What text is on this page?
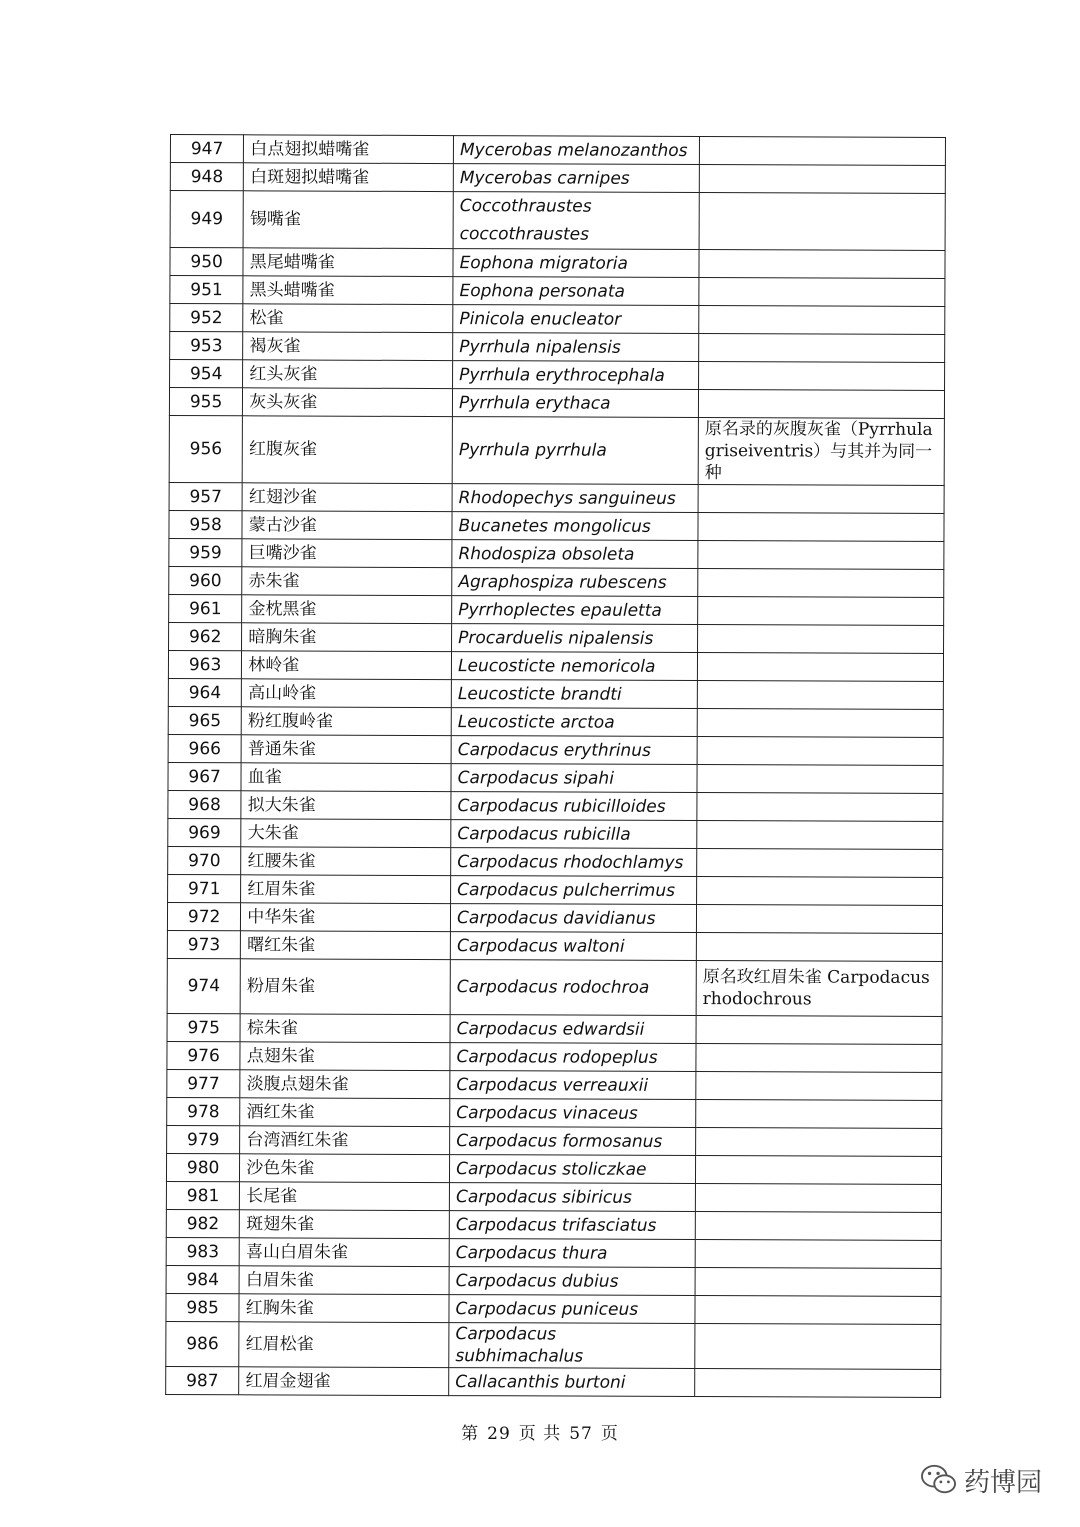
947	白点翅拟蜡嘴雀	Mycerobas melanozanthos	
948	白斑翅拟蜡嘴雀	Mycerobas carnipes	
949	锡嘴雀	Coccothraustes coccothraustes	
950	黑尾蜡嘴雀	Eophona migratoria	
951	黑头蜡嘴雀	Eophona personata	
952	松雀	Pinicola enucleator	
953	褐灰雀	Pyrrhula nipalensis	
954	红头灰雀	Pyrrhula erythrocephala	
955	灰头灰雀	Pyrrhula erythaca	
956	红腹灰雀	Pyrrhula pyrrhula	原名录的灰腹灰雀（Pyrrhula griseiventris）与其并为同一种
957	红翅沙雀	Rhodopechys sanguineus	
958	蒙古沙雀	Bucanetes mongolicus	
959	巨嘴沙雀	Rhodospiza obsoleta	
960	赤朱雀	Agraphospiza rubescens	
961	金枕黑雀	Pyrrhoplectes epauletta	
962	暗胸朱雀	Procarduelis nipalensis	
963	林岭雀	Leucosticte nemoricola	
964	高山岭雀	Leucosticte brandti	
965	粉红腹岭雀	Leucosticte arctoa	
966	普通朱雀	Carpodacus erythrinus	
967	血雀	Carpodacus sipahi	
968	拟大朱雀	Carpodacus rubicilloides	
969	大朱雀	Carpodacus rubicilla	
970	红腰朱雀	Carpodacus rhodochlamys	
971	红眉朱雀	Carpodacus pulcherrimus	
972	中华朱雀	Carpodacus davidianus	
973	曙红朱雀	Carpodacus waltoni	
974	粉眉朱雀	Carpodacus rodochroa	原名玫红眉朱雀 Carpodacus rhodochrous
975	棕朱雀	Carpodacus edwardsii	
976	点翅朱雀	Carpodacus rodopeplus	
977	淡腹点翅朱雀	Carpodacus verreauxii	
978	酒红朱雀	Carpodacus vinaceus	
979	台湾酒红朱雀	Carpodacus formosanus	
980	沙色朱雀	Carpodacus stoliczkae	
981	长尾雀	Carpodacus sibiricus	
982	斑翅朱雀	Carpodacus trifasciatus	
983	喜山白眉朱雀	Carpodacus thura	
984	白眉朱雀	Carpodacus dubius	
985	红胸朱雀	Carpodacus puniceus	
986	红眉松雀	Carpodacus subhimachalus	
987	红眉金翅雀	Callacanthis burtoni	
第 29 页 共 57 页
药博园
